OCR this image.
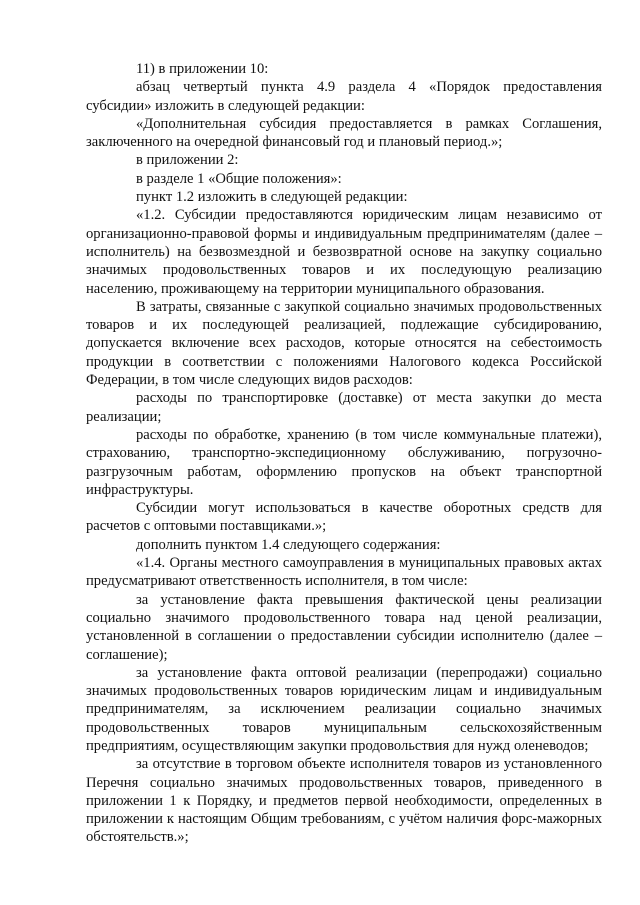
11) в приложении 10:

абзац четвертый пункта 4.9 раздела 4 «Порядок предоставления субсидии» изложить в следующей редакции:

«Дополнительная субсидия предоставляется в рамках Соглашения, заключенного на очередной финансовый год и плановый период.»;

в приложении 2:

в разделе 1 «Общие положения»:

пункт 1.2 изложить в следующей редакции:

«1.2. Субсидии предоставляются юридическим лицам независимо от организационно-правовой формы и индивидуальным предпринимателям (далее – исполнитель) на безвозмездной и безвозвратной основе на закупку социально значимых продовольственных товаров и их последующую реализацию населению, проживающему на территории муниципального образования.

В затраты, связанные с закупкой социально значимых продовольственных товаров и их последующей реализацией, подлежащие субсидированию, допускается включение всех расходов, которые относятся на себестоимость продукции в соответствии с положениями Налогового кодекса Российской Федерации, в том числе следующих видов расходов:

расходы по транспортировке (доставке) от места закупки до места реализации;

расходы по обработке, хранению (в том числе коммунальные платежи), страхованию, транспортно-экспедиционному обслуживанию, погрузочно-разгрузочным работам, оформлению пропусков на объект транспортной инфраструктуры.

Субсидии могут использоваться в качестве оборотных средств для расчетов с оптовыми поставщиками.»;

дополнить пунктом 1.4 следующего содержания:

«1.4. Органы местного самоуправления в муниципальных правовых актах предусматривают ответственность исполнителя, в том числе:

за установление факта превышения фактической цены реализации социально значимого продовольственного товара над ценой реализации, установленной в соглашении о предоставлении субсидии исполнителю (далее – соглашение);

за установление факта оптовой реализации (перепродажи) социально значимых продовольственных товаров юридическим лицам и индивидуальным предпринимателям, за исключением реализации социально значимых продовольственных товаров муниципальным сельскохозяйственным предприятиям, осуществляющим закупки продовольствия для нужд оленеводов;

за отсутствие в торговом объекте исполнителя товаров из установленного Перечня социально значимых продовольственных товаров, приведенного в приложении 1 к Порядку, и предметов первой необходимости, определенных в приложении к настоящим Общим требованиям, с учётом наличия форс-мажорных обстоятельств.»;
